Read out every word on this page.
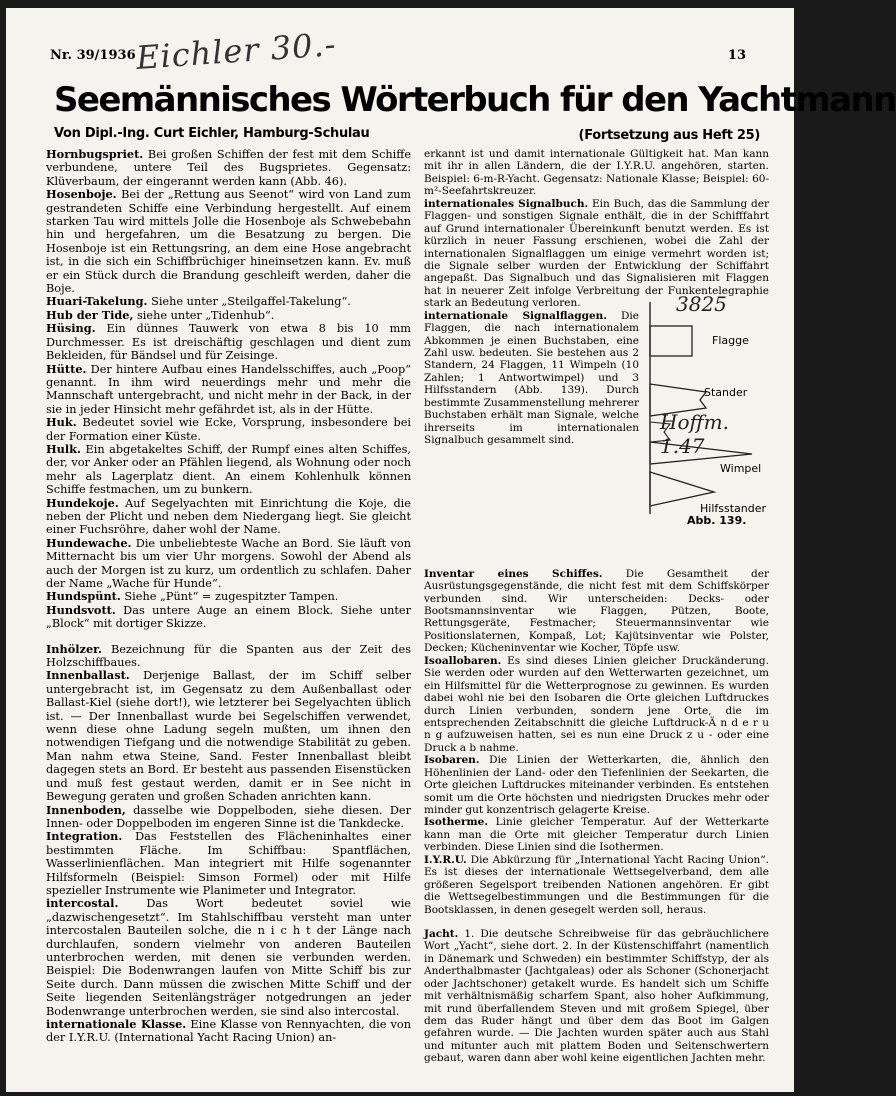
Nr. 39/1936 Eichler 30.-	13
Seemännisches Wörterbuch für den Yachtmann
Von Dipl.-Ing. Curt Eichler, Hamburg-Schulau	(Fortsetzung aus Heft 25)

Hornbugspriet. Bei großen Schiffen der fest mit dem Schiffe verbundene, untere Teil des Bugsprietes. Gegensatz: Klüverbaum, der eingerannt werden kann (Abb. 46).

Hosenboje. Bei der „Rettung aus Seenot“ wird von Land zum gestrandeten Schiffe eine Verbindung hergestellt. Auf einem starken Tau wird mittels Jolle die Hosenboje als Schwebebahn hin und hergefahren, um die Besatzung zu bergen. Die Hosenboje ist ein Rettungsring, an dem eine Hose angebracht ist, in die sich ein Schiffbrüchiger hineinsetzen kann. Ev. muß er ein Stück durch die Brandung geschleift werden, daher die Boje.

Huari-Takelung. Siehe unter „Steilgaffel-Takelung“.

Hub der Tide, siehe unter „Tidenhub“.

Hüsing. Ein dünnes Tauwerk von etwa 8 bis 10 mm Durchmesser. Es ist dreischäftig geschlagen und dient zum Bekleiden, für Bändsel und für Zeisinge.

Hütte. Der hintere Aufbau eines Handelsschiffes, auch „Poop“ genannt. In ihm wird neuerdings mehr und mehr die Mannschaft untergebracht, und nicht mehr in der Back, in der sie in jeder Hinsicht mehr gefährdet ist, als in der Hütte.

Huk. Bedeutet soviel wie Ecke, Vorsprung, insbesondere bei der Formation einer Küste.

Hulk. Ein abgetakeltes Schiff, der Rumpf eines alten Schiffes, der, vor Anker oder an Pfählen liegend, als Wohnung oder noch mehr als Lagerplatz dient. An einem Kohlenhulk können Schiffe festmachen, um zu bunkern.

Hundekoje. Auf Segelyachten mit Einrichtung die Koje, die neben der Plicht und neben dem Niedergang liegt. Sie gleicht einer Fuchsröhre, daher wohl der Name.

Hundewache. Die unbeliebteste Wache an Bord. Sie läuft von Mitternacht bis um vier Uhr morgens. Sowohl der Abend als auch der Morgen ist zu kurz, um ordentlich zu schlafen. Daher der Name „Wache für Hunde“.

Hundspünt. Siehe „Pünt“ = zugespitzter Tampen.

Hundsvott. Das untere Auge an einem Block. Siehe unter „Block“ mit dortiger Skizze.

Inhölzer. Bezeichnung für die Spanten aus der Zeit des Holzschiffbaues.

Innenballast. Derjenige Ballast, der im Schiff selber untergebracht ist, im Gegensatz zu dem Außenballast oder Ballast-Kiel (siehe dort!), wie letzterer bei Segelyachten üblich ist. — Der Innenballast wurde bei Segelschiffen verwendet, wenn diese ohne Ladung segeln mußten, um ihnen den notwendigen Tiefgang und die notwendige Stabilität zu geben. Man nahm etwa Steine, Sand. Fester Innenballast bleibt dagegen stets an Bord. Er besteht aus passenden Eisenstücken und muß fest gestaut werden, damit er in See nicht in Bewegung geraten und großen Schaden anrichten kann.

Innenboden, dasselbe wie Doppelboden, siehe diesen. Der Innen- oder Doppelboden im engeren Sinne ist die Tankdecke.

Integration. Das Feststellen des Flächeninhaltes einer bestimmten Fläche. Im Schiffbau: Spantflächen, Wasserlinienflächen. Man integriert mit Hilfe sogenannter Hilfsformeln (Beispiel: Simson Formel) oder mit Hilfe spezieller Instrumente wie Planimeter und Integrator.

intercostal. Das Wort bedeutet soviel wie „dazwischengesetzt“. Im Stahlschiffbau versteht man unter intercostalen Bauteilen solche, die n i c h t der Länge nach durchlaufen, sondern vielmehr von anderen Bauteilen unterbrochen werden, mit denen sie verbunden werden. Beispiel: Die Bodenwrangen laufen von Mitte Schiff bis zur Seite durch. Dann müssen die zwischen Mitte Schiff und der Seite liegenden Seitenlängsträger notgedrungen an jeder Bodenwrange unterbrochen werden, sie sind also intercostal.

internationale Klasse. Eine Klasse von Rennyachten, die von der I.Y.R.U. (International Yacht Racing Union) an-

erkannt ist und damit internationale Gültigkeit hat. Man kann mit ihr in allen Ländern, die der I.Y.R.U. angehören, starten. Beispiel: 6-m-R-Yacht. Gegensatz: Nationale Klasse; Beispiel: 60-m²-Seefahrtskreuzer.

internationales Signalbuch. Ein Buch, das die Sammlung der Flaggen- und sonstigen Signale enthält, die in der Schifffahrt auf Grund internationaler Übereinkunft benutzt werden. Es ist kürzlich in neuer Fassung erschienen, wobei die Zahl der internationalen Signalflaggen um einige vermehrt worden ist; die Signale selber wurden der Entwicklung der Schiffahrt angepaßt. Das Signalbuch und das Signalisieren mit Flaggen hat in neuerer Zeit infolge Verbreitung der Funkentelegraphie stark an Bedeutung verloren.

internationale Signalflaggen. Die Flaggen, die nach internationalem Abkommen je einen Buchstaben, eine Zahl usw. bedeuten. Sie bestehen aus 2 Standern, 24 Flaggen, 11 Wimpeln (10 Zahlen; 1 Antwortwimpel) und 3 Hilfsstandern (Abb. 139). Durch bestimmte Zusammenstellung mehrerer Buchstaben erhält man Signale, welche ihrerseits im internationalen Signalbuch gesammelt sind.

Flagge
Stander
Wimpel
Hilfsstander
Abb. 139.
3825
Hoffm. 1.47

Inventar eines Schiffes. Die Gesamtheit der Ausrüstungsgegenstände, die nicht fest mit dem Schiffskörper verbunden sind. Wir unterscheiden: Decks- oder Bootsmannsinventar wie Flaggen, Pützen, Boote, Rettungsgeräte, Festmacher; Steuermannsinventar wie Positionslaternen, Kompaß, Lot; Kajütsinventar wie Polster, Decken; Kücheninventar wie Kocher, Töpfe usw.

Isoallobaren. Es sind dieses Linien gleicher Druckänderung. Sie werden oder wurden auf den Wetterwarten gezeichnet, um ein Hilfsmittel für die Wetterprognose zu gewinnen. Es wurden dabei wohl nie bei den Isobaren die Orte gleichen Luftdruckes durch Linien verbunden, sondern jene Orte, die im entsprechenden Zeitabschnitt die gleiche Luftdruck-Ä n d e r u n g aufzuweisen hatten, sei es nun eine Druck z u - oder eine Druck a b nahme.

Isobaren. Die Linien der Wetterkarten, die, ähnlich den Höhenlinien der Land- oder den Tiefenlinien der Seekarten, die Orte gleichen Luftdruckes miteinander verbinden. Es entstehen somit um die Orte höchsten und niedrigsten Druckes mehr oder minder gut konzentrisch gelagerte Kreise.

Isotherme. Linie gleicher Temperatur. Auf der Wetterkarte kann man die Orte mit gleicher Temperatur durch Linien verbinden. Diese Linien sind die Isothermen.

I.Y.R.U. Die Abkürzung für „International Yacht Racing Union“. Es ist dieses der internationale Wettsegelverband, dem alle größeren Segelsport treibenden Nationen angehören. Er gibt die Wettsegelbestimmungen und die Bestimmungen für die Bootsklassen, in denen gesegelt werden soll, heraus.

Jacht. 1. Die deutsche Schreibweise für das gebräuchlichere Wort „Yacht“, siehe dort. 2. In der Küstenschiffahrt (namentlich in Dänemark und Schweden) ein bestimmter Schiffstyp, der als Anderthalbmaster (Jachtgaleas) oder als Schoner (Schonerjacht oder Jachtschoner) getakelt wurde. Es handelt sich um Schiffe mit verhältnismäßig scharfem Spant, also hoher Aufkimmung, mit rund überfallendem Steven und mit großem Spiegel, über dem das Ruder hängt und über dem das Boot im Galgen gefahren wurde. — Die Jachten wurden später auch aus Stahl und mitunter auch mit plattem Boden und Seitenschwertern gebaut, waren dann aber wohl keine eigentlichen Jachten mehr.
